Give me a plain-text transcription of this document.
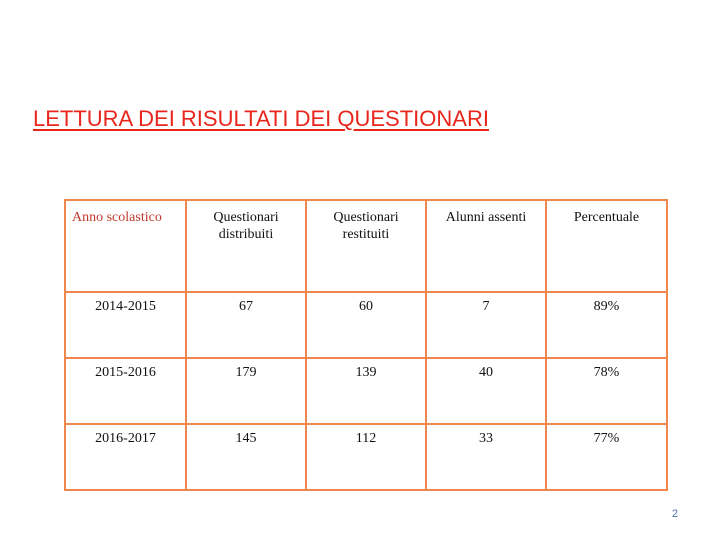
LETTURA DEI RISULTATI DEI QUESTIONARI
Anno scolastico	Questionari distribuiti	Questionari restituiti	Alunni assenti	Percentuale
2014-2015	67	60	7	89%
2015-2016	179	139	40	78%
2016-2017	145	112	33	77%
2
